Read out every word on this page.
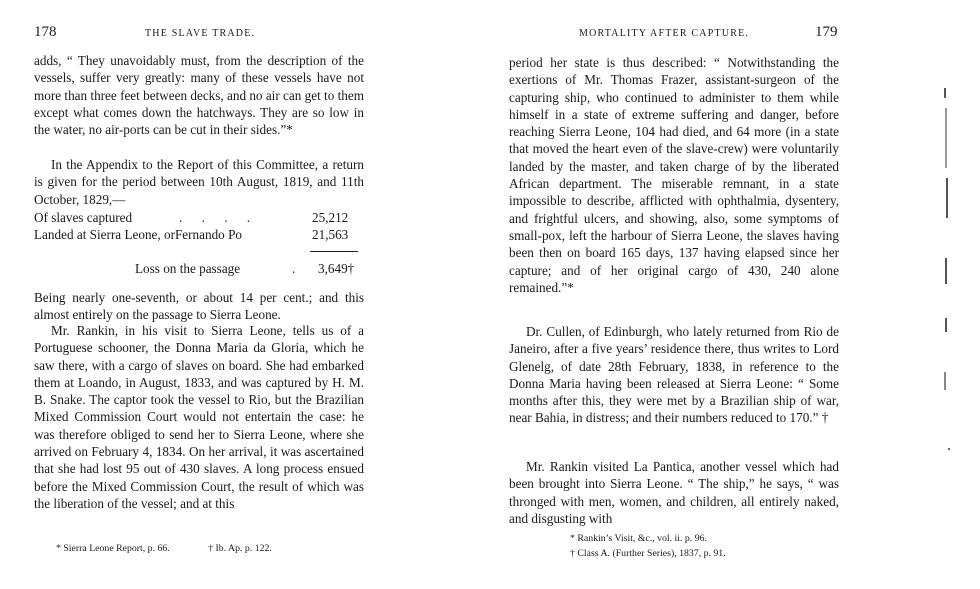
178	THE SLAVE TRADE.

adds, “ They unavoidably must, from the description of the vessels, suffer very greatly: many of these vessels have not more than three feet between decks, and no air can get to them except what comes down the hatchways. They are so low in the water, no air-ports can be cut in their sides.”*

In the Appendix to the Report of this Committee, a return is given for the period between 10th August, 1819, and 11th October, 1829,—

Of slaves captured	. . . .	25,212
Landed at Sierra Leone, orFernando Po	21,563
Loss on the passage	. 3,649†

Being nearly one-seventh, or about 14 per cent.; and this almost entirely on the passage to Sierra Leone.

Mr. Rankin, in his visit to Sierra Leone, tells us of a Portuguese schooner, the Donna Maria da Gloria, which he saw there, with a cargo of slaves on board. She had embarked them at Loando, in August, 1833, and was captured by H. M. B. Snake. The captor took the vessel to Rio, but the Brazilian Mixed Commission Court would not entertain the case: he was therefore obliged to send her to Sierra Leone, where she arrived on February 4, 1834. On her arrival, it was ascertained that she had lost 95 out of 430 slaves. A long process ensued before the Mixed Commission Court, the result of which was the liberation of the vessel; and at this

* Sierra Leone Report, p. 66.	† Ib. Ap. p. 122.
MORTALITY AFTER CAPTURE.	179

period her state is thus described: “ Notwithstanding the exertions of Mr. Thomas Frazer, assistant-surgeon of the capturing ship, who continued to administer to them while himself in a state of extreme suffering and danger, before reaching Sierra Leone, 104 had died, and 64 more (in a state that moved the heart even of the slave-crew) were voluntarily landed by the master, and taken charge of by the liberated African department. The miserable remnant, in a state impossible to describe, afflicted with ophthalmia, dysentery, and frightful ulcers, and showing, also, some symptoms of small-pox, left the harbour of Sierra Leone, the slaves having been then on board 165 days, 137 having elapsed since her capture; and of her original cargo of 430, 240 alone remained.”*

Dr. Cullen, of Edinburgh, who lately returned from Rio de Janeiro, after a five years’ residence there, thus writes to Lord Glenelg, of date 28th February, 1838, in reference to the Donna Maria having been released at Sierra Leone: “ Some months after this, they were met by a Brazilian ship of war, near Bahia, in distress; and their numbers reduced to 170.” †

Mr. Rankin visited La Pantica, another vessel which had been brought into Sierra Leone. “ The ship,” he says, “ was thronged with men, women, and children, all entirely naked, and disgusting with

* Rankin’s Visit, &c., vol. ii. p. 96.
† Class A. (Further Series), 1837, p. 91.
